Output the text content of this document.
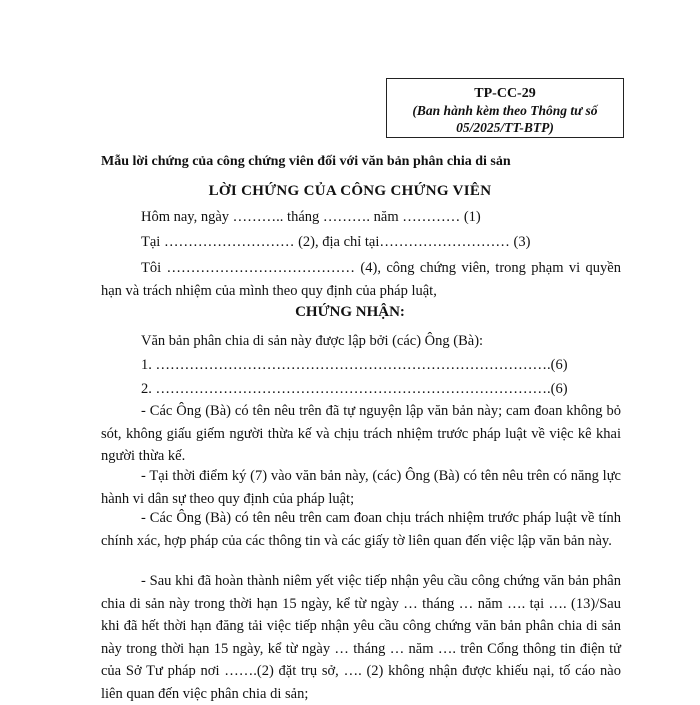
TP-CC-29
(Ban hành kèm theo Thông tư số
05/2025/TT-BTP)
Mẫu lời chứng của công chứng viên đối với văn bản phân chia di sản
LỜI CHỨNG CỦA CÔNG CHỨNG VIÊN
Hôm nay, ngày ……….. tháng ………. năm ………… (1)
Tại ……………………… (2), địa chỉ tại……………………… (3)
Tôi ………………………………… (4), công chứng viên, trong phạm vi quyền hạn và trách nhiệm của mình theo quy định của pháp luật,
CHỨNG NHẬN:
Văn bản phân chia di sản này được lập bởi (các) Ông (Bà):
1. ……………………………………………………………………….(6)
2. ……………………………………………………………………….(6)
- Các Ông (Bà) có tên nêu trên đã tự nguyện lập văn bản này; cam đoan không bỏ sót, không giấu giếm người thừa kế và chịu trách nhiệm trước pháp luật về việc kê khai người thừa kế.
- Tại thời điểm ký (7) vào văn bản này, (các) Ông (Bà) có tên nêu trên có năng lực hành vi dân sự theo quy định của pháp luật;
- Các Ông (Bà) có tên nêu trên cam đoan chịu trách nhiệm trước pháp luật về tính chính xác, hợp pháp của các thông tin và các giấy tờ liên quan đến việc lập văn bản này.
- Sau khi đã hoàn thành niêm yết việc tiếp nhận yêu cầu công chứng văn bản phân chia di sản này trong thời hạn 15 ngày, kể từ ngày … tháng … năm …. tại …. (13)/Sau khi đã hết thời hạn đăng tải việc tiếp nhận yêu cầu công chứng văn bản phân chia di sản này trong thời hạn 15 ngày, kể từ ngày … tháng … năm …. trên Cổng thông tin điện tử của Sở Tư pháp nơi …….(2) đặt trụ sở, …. (2) không nhận được khiếu nại, tố cáo nào liên quan đến việc phân chia di sản;
